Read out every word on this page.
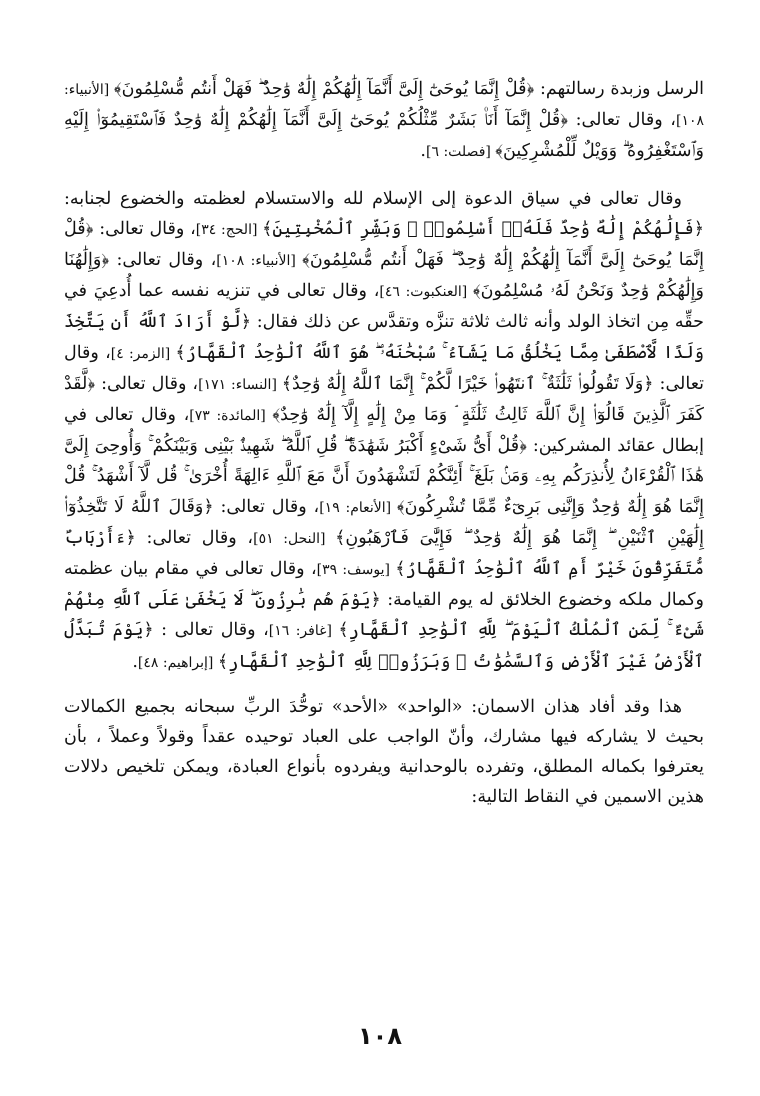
الرسل وزبدة رسالتهم: ﴿قُلْ إِنَّمَا يُوحَىٰٓ إِلَىَّ أَنَّمَآ إِلَٰهُكُمْ إِلَٰهٌ وَٰحِدٌ ۖ فَهَلْ أَنتُم مُّسْلِمُونَ﴾ [الأنبياء: ١٠٨]، وقال تعالى: ﴿قُلْ إِنَّمَآ أَنَا۠ بَشَرٌ مِّثْلُكُمْ يُوحَىٰٓ إِلَىَّ أَنَّمَآ إِلَٰهُكُمْ إِلَٰهٌ وَٰحِدٌ فَٱسْتَقِيمُوٓا۟ إِلَيْهِ وَٱسْتَغْفِرُوهُ ۗ وَوَيْلٌ لِّلْمُشْرِكِينَ﴾ [فصلت: ٦].

وقال تعالى في سياق الدعوة إلى الإسلام لله والاستسلام لعظمته والخضوع لجنابه: ﴿فَإِلَٰهُكُمْ إِلَٰهٌ وَٰحِدٌ فَلَهُۥٓ أَسْلِمُوا۟ ۗ وَبَشِّرِ ٱلْمُخْبِتِينَ﴾ [الحج: ٣٤]، وقال تعالى: ﴿قُلْ إِنَّمَا يُوحَىٰٓ إِلَىَّ أَنَّمَآ إِلَٰهُكُمْ إِلَٰهٌ وَٰحِدٌ ۖ فَهَلْ أَنتُم مُّسْلِمُونَ﴾ [الأنبياء: ١٠٨]، وقال تعالى: ﴿وَإِلَٰهُنَا وَإِلَٰهُكُمْ وَٰحِدٌ وَنَحْنُ لَهُۥ مُسْلِمُونَ﴾ [العنكبوت: ٤٦]، وقال تعالى في تنزيه نفسه عما أُدعِيَ في حقِّه مِن اتخاذ الولد وأنه ثالث ثلاثة تنزَّه وتقدَّس عن ذلك فقال: ﴿لَّوْ أَرَادَ ٱللَّهُ أَن يَتَّخِذَ وَلَدًا لَّٱصْطَفَىٰ مِمَّا يَخْلُقُ مَا يَشَآءُ ۚ سُبْحَٰنَهُۥ ۖ هُوَ ٱللَّهُ ٱلْوَٰحِدُ ٱلْقَهَّارُ﴾ [الزمر: ٤]، وقال تعالى: ﴿وَلَا تَقُولُوا۟ ثَلَٰثَةٌ ۚ ٱنتَهُوا۟ خَيْرًا لَّكُمْ ۚ إِنَّمَا ٱللَّهُ إِلَٰهٌ وَٰحِدٌ﴾ [النساء: ١٧١]، وقال تعالى: ﴿لَّقَدْ كَفَرَ ٱلَّذِينَ قَالُوٓا۟ إِنَّ ٱللَّهَ ثَالِثُ ثَلَٰثَةٍ ۘ وَمَا مِنْ إِلَٰهٍ إِلَّآ إِلَٰهٌ وَٰحِدٌ﴾ [المائدة: ٧٣]، وقال تعالى في إبطال عقائد المشركين: ﴿قُلْ أَىُّ شَىْءٍ أَكْبَرُ شَهَٰدَةً ۖ قُلِ ٱللَّهُ ۖ شَهِيدٌۢ بَيْنِى وَبَيْنَكُمْ ۚ وَأُوحِىَ إِلَىَّ هَٰذَا ٱلْقُرْءَانُ لِأُنذِرَكُم بِهِۦ وَمَنۢ بَلَغَ ۚ أَئِنَّكُمْ لَتَشْهَدُونَ أَنَّ مَعَ ٱللَّهِ ءَالِهَةً أُخْرَىٰ ۚ قُل لَّآ أَشْهَدُ ۚ قُلْ إِنَّمَا هُوَ إِلَٰهٌ وَٰحِدٌ وَإِنَّنِى بَرِىٓءٌ مِّمَّا تُشْرِكُونَ﴾ [الأنعام: ١٩]، وقال تعالى: ﴿وَقَالَ ٱللَّهُ لَا تَتَّخِذُوٓا۟ إِلَٰهَيْنِ ٱثْنَيْنِ ۖ إِنَّمَا هُوَ إِلَٰهٌ وَٰحِدٌ ۖ فَإِيَّٰىَ فَٱرْهَبُونِ﴾ [النحل: ٥١]، وقال تعالى: ﴿ءَأَرْبَابٌ مُّتَفَرِّقُونَ خَيْرٌ أَمِ ٱللَّهُ ٱلْوَٰحِدُ ٱلْقَهَّارُ﴾ [يوسف: ٣٩]، وقال تعالى في مقام بيان عظمته وكمال ملكه وخضوع الخلائق له يوم القيامة: ﴿يَوْمَ هُم بَٰرِزُونَ ۖ لَا يَخْفَىٰ عَلَى ٱللَّهِ مِنْهُمْ شَىْءٌ ۚ لِّمَنِ ٱلْمُلْكُ ٱلْيَوْمَ ۖ لِلَّهِ ٱلْوَٰحِدِ ٱلْقَهَّارِ﴾ [غافر: ١٦]، وقال تعالى : ﴿يَوْمَ تُبَدَّلُ ٱلْأَرْضُ غَيْرَ ٱلْأَرْضِ وَٱلسَّمَٰوَٰتُ ۖ وَبَرَزُوا۟ لِلَّهِ ٱلْوَٰحِدِ ٱلْقَهَّارِ﴾ [إبراهيم: ٤٨].

هذا وقد أفاد هذان الاسمان: «الواحد» «الأحد» توحُّدَ الربِّ سبحانه بجميع الكمالات بحيث لا يشاركه فيها مشارك، وأنّ الواجب على العباد توحيده عقداً وقولاً وعملاً ، بأن يعترفوا بكماله المطلق، وتفرده بالوحدانية ويفردوه بأنواع العبادة، ويمكن تلخيص دلالات هذين الاسمين في النقاط التالية:

١٠٨
